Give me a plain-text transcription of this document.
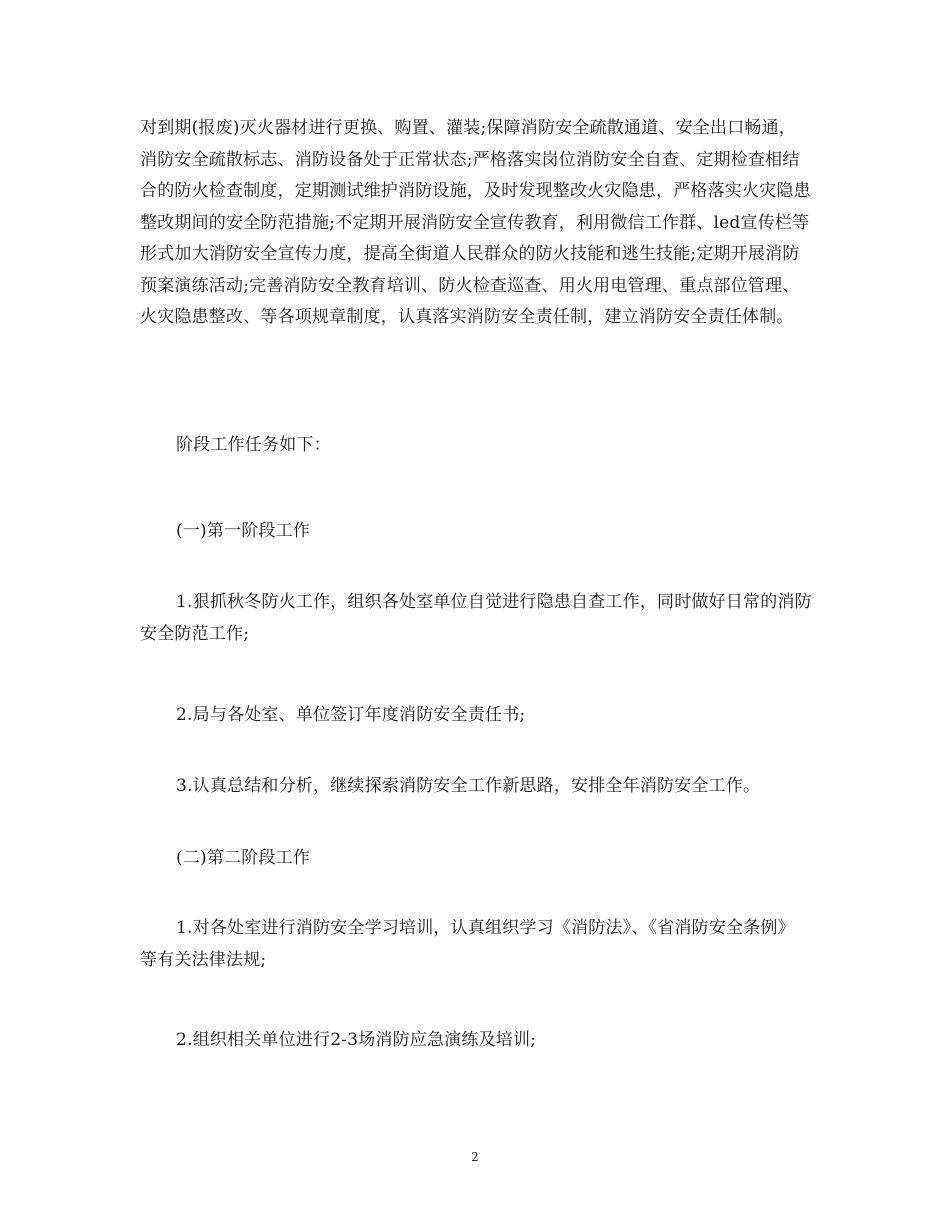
对到期(报废)灭火器材进行更换、购置、灌装;保障消防安全疏散通道、安全出口畅通，消防安全疏散标志、消防设备处于正常状态;严格落实岗位消防安全自查、定期检查相结合的防火检查制度，定期测试维护消防设施，及时发现整改火灾隐患，严格落实火灾隐患整改期间的安全防范措施;不定期开展消防安全宣传教育，利用微信工作群、led宣传栏等形式加大消防安全宣传力度，提高全街道人民群众的防火技能和逃生技能;定期开展消防预案演练活动;完善消防安全教育培训、防火检查巡查、用火用电管理、重点部位管理、火灾隐患整改、等各项规章制度，认真落实消防安全责任制，建立消防安全责任体制。

阶段工作任务如下：

(一)第一阶段工作

1.狠抓秋冬防火工作，组织各处室单位自觉进行隐患自查工作，同时做好日常的消防安全防范工作;

2.局与各处室、单位签订年度消防安全责任书;

3.认真总结和分析，继续探索消防安全工作新思路，安排全年消防安全工作。

(二)第二阶段工作

1.对各处室进行消防安全学习培训，认真组织学习《消防法》、《省消防安全条例》等有关法律法规;

2.组织相关单位进行2-3场消防应急演练及培训;

2
